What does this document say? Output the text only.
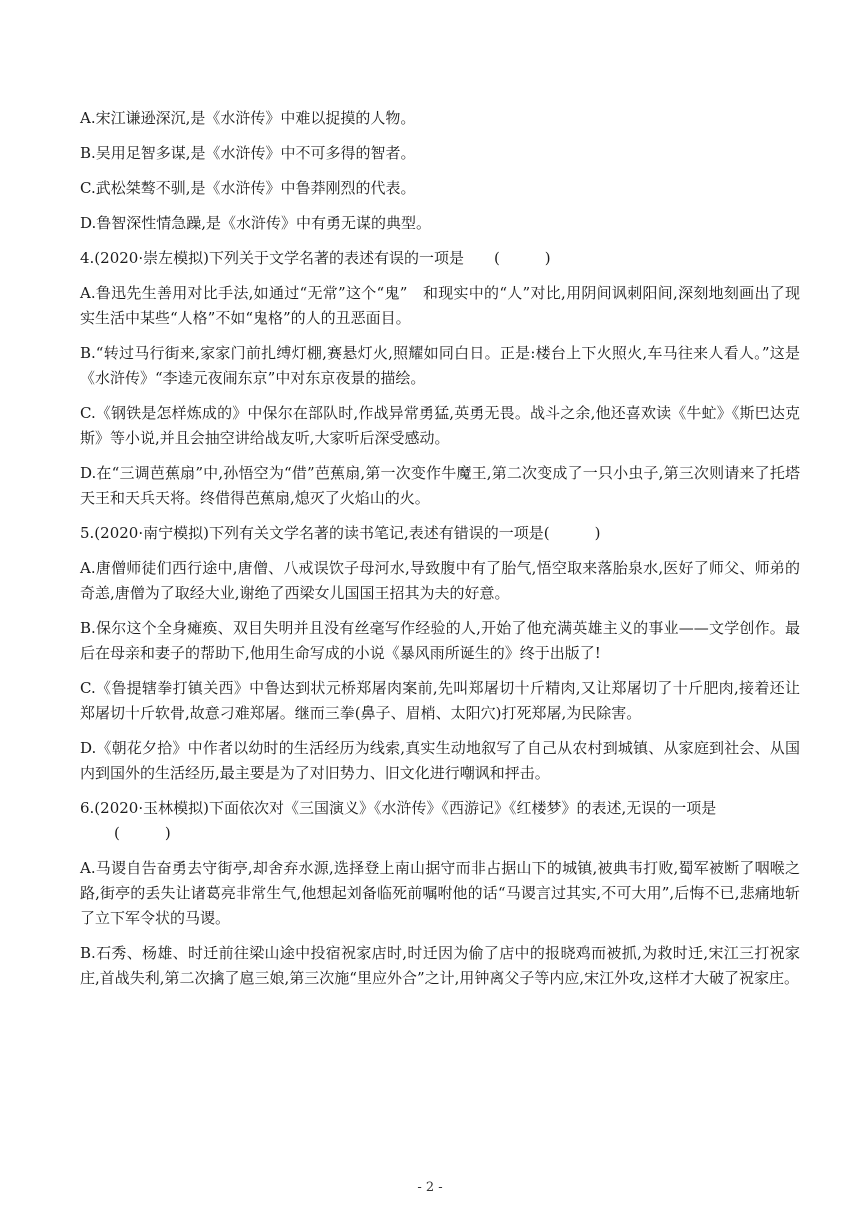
A.宋江谦逊深沉,是《水浒传》中难以捉摸的人物。

B.吴用足智多谋,是《水浒传》中不可多得的智者。

C.武松桀骜不驯,是《水浒传》中鲁莽刚烈的代表。

D.鲁智深性情急躁,是《水浒传》中有勇无谋的典型。

4.(2020·崇左模拟)下列关于文学名著的表述有误的一项是　　(　　　)

A.鲁迅先生善用对比手法,如通过“无常”这个“鬼”　和现实中的“人”对比,用阴间讽刺阳间,深刻地刻画出了现实生活中某些“人格”不如“鬼格”的人的丑恶面目。

B.“转过马行街来,家家门前扎缚灯棚,赛悬灯火,照耀如同白日。正是:楼台上下火照火,车马往来人看人。”这是《水浒传》“李逵元夜闹东京”中对东京夜景的描绘。

C.《钢铁是怎样炼成的》中保尔在部队时,作战异常勇猛,英勇无畏。战斗之余,他还喜欢读《牛虻》《斯巴达克斯》等小说,并且会抽空讲给战友听,大家听后深受感动。

D.在“三调芭蕉扇”中,孙悟空为“借”芭蕉扇,第一次变作牛魔王,第二次变成了一只小虫子,第三次则请来了托塔天王和天兵天将。终借得芭蕉扇,熄灭了火焰山的火。

5.(2020·南宁模拟)下列有关文学名著的读书笔记,表述有错误的一项是(　　　)

A.唐僧师徒们西行途中,唐僧、八戒误饮子母河水,导致腹中有了胎气,悟空取来落胎泉水,医好了师父、师弟的奇恙,唐僧为了取经大业,谢绝了西梁女儿国国王招其为夫的好意。

B.保尔这个全身瘫痪、双目失明并且没有丝毫写作经验的人,开始了他充满英雄主义的事业——文学创作。最后在母亲和妻子的帮助下,他用生命写成的小说《暴风雨所诞生的》终于出版了!

C.《鲁提辖拳打镇关西》中鲁达到状元桥郑屠肉案前,先叫郑屠切十斤精肉,又让郑屠切了十斤肥肉,接着还让郑屠切十斤软骨,故意刁难郑屠。继而三拳(鼻子、眉梢、太阳穴)打死郑屠,为民除害。

D.《朝花夕拾》中作者以幼时的生活经历为线索,真实生动地叙写了自己从农村到城镇、从家庭到社会、从国内到国外的生活经历,最主要是为了对旧势力、旧文化进行嘲讽和抨击。

6.(2020·玉林模拟)下面依次对《三国演义》《水浒传》《西游记》《红楼梦》的表述,无误的一项是
(　　　)

A.马谡自告奋勇去守街亭,却舍弃水源,选择登上南山据守而非占据山下的城镇,被典韦打败,蜀军被断了咽喉之路,街亭的丢失让诸葛亮非常生气,他想起刘备临死前嘱咐他的话“马谡言过其实,不可大用”,后悔不已,悲痛地斩了立下军令状的马谡。

B.石秀、杨雄、时迁前往梁山途中投宿祝家店时,时迁因为偷了店中的报晓鸡而被抓,为救时迁,宋江三打祝家庄,首战失利,第二次擒了扈三娘,第三次施“里应外合”之计,用钟离父子等内应,宋江外攻,这样才大破了祝家庄。

- 2 -
